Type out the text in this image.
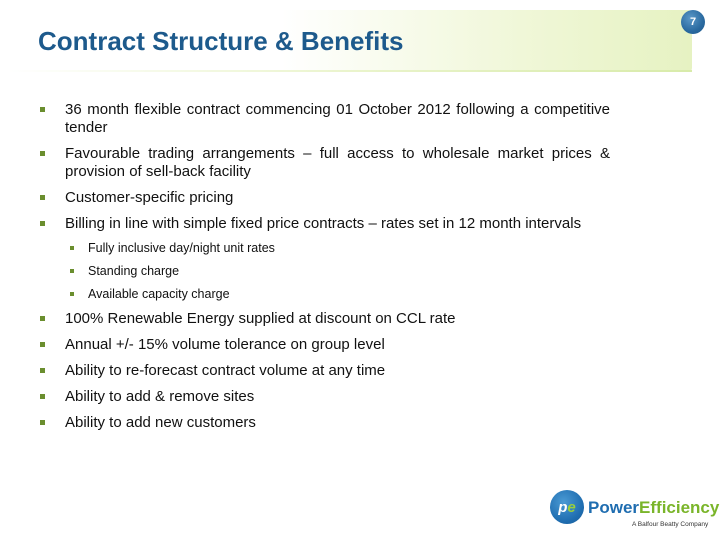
Contract Structure & Benefits
7
36 month flexible contract commencing 01 October 2012 following a competitive tender
Favourable trading arrangements – full access to wholesale market prices & provision of sell-back facility
Customer-specific pricing
Billing in line with simple fixed price contracts – rates set in 12 month intervals
Fully inclusive day/night unit rates
Standing charge
Available capacity charge
100% Renewable Energy supplied at discount on CCL rate
Annual +/- 15% volume tolerance on group level
Ability to re-forecast contract volume at any time
Ability to add & remove sites
Ability to add new customers
p e PowerEfficiency
A Balfour Beatty Company
